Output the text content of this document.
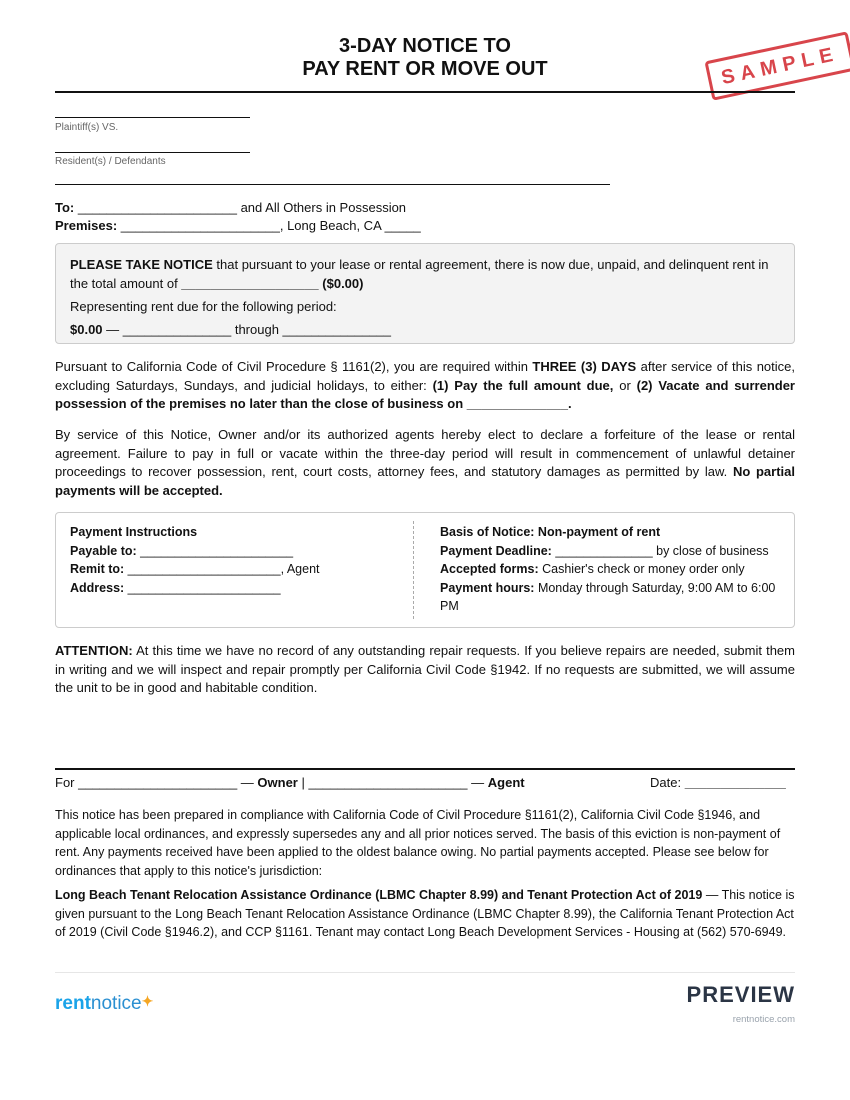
3-DAY NOTICE TO
PAY RENT OR MOVE OUT	SAMPLE
Plaintiff(s) VS.
Resident(s) / Defendants
To: ______________________ and All Others in Possession
Premises: ______________________, Long Beach, CA _____

PLEASE TAKE NOTICE that pursuant to your lease or rental agreement, there is now due, unpaid, and delinquent rent in the total amount of ___________________ ($0.00)

Representing rent due for the following period:

$0.00 — _______________ through _______________

Pursuant to California Code of Civil Procedure § 1161(2), you are required within THREE (3) DAYS after service of this notice, excluding Saturdays, Sundays, and judicial holidays, to either: (1) Pay the full amount due, or (2) Vacate and surrender possession of the premises no later than the close of business on ______________.
By service of this Notice, Owner and/or its authorized agents hereby elect to declare a forfeiture of the lease or rental agreement. Failure to pay in full or vacate within the three-day period will result in commencement of unlawful detainer proceedings to recover possession, rent, court costs, attorney fees, and statutory damages as permitted by law. No partial payments will be accepted.
Payment Instructions
Payable to: ______________________
Remit to: ______________________, Agent
Address: ______________________
Basis of Notice: Non-payment of rent
Payment Deadline: ______________ by close of business
Accepted forms: Cashier's check or money order only
Payment hours: Monday through Saturday, 9:00 AM to 6:00 PM
ATTENTION: At this time we have no record of any outstanding repair requests. If you believe repairs are needed, submit them in writing and we will inspect and repair promptly per California Civil Code §1942. If no requests are submitted, we will assume the unit to be in good and habitable condition.
For ______________________ — Owner | ______________________ — Agent	Date: ______________
This notice has been prepared in compliance with California Code of Civil Procedure §1161(2), California Civil Code §1946, and applicable local ordinances, and expressly supersedes any and all prior notices served. The basis of this eviction is non-payment of rent. Any payments received have been applied to the oldest balance owing. No partial payments accepted. Please see below for ordinances that apply to this notice's jurisdiction:
Long Beach Tenant Relocation Assistance Ordinance (LBMC Chapter 8.99) and Tenant Protection Act of 2019 — This notice is given pursuant to the Long Beach Tenant Relocation Assistance Ordinance (LBMC Chapter 8.99), the California Tenant Protection Act of 2019 (Civil Code §1946.2), and CCP §1161. Tenant may contact Long Beach Development Services - Housing at (562) 570-6949.
rentnotice✦	PREVIEW
rentnotice.com
